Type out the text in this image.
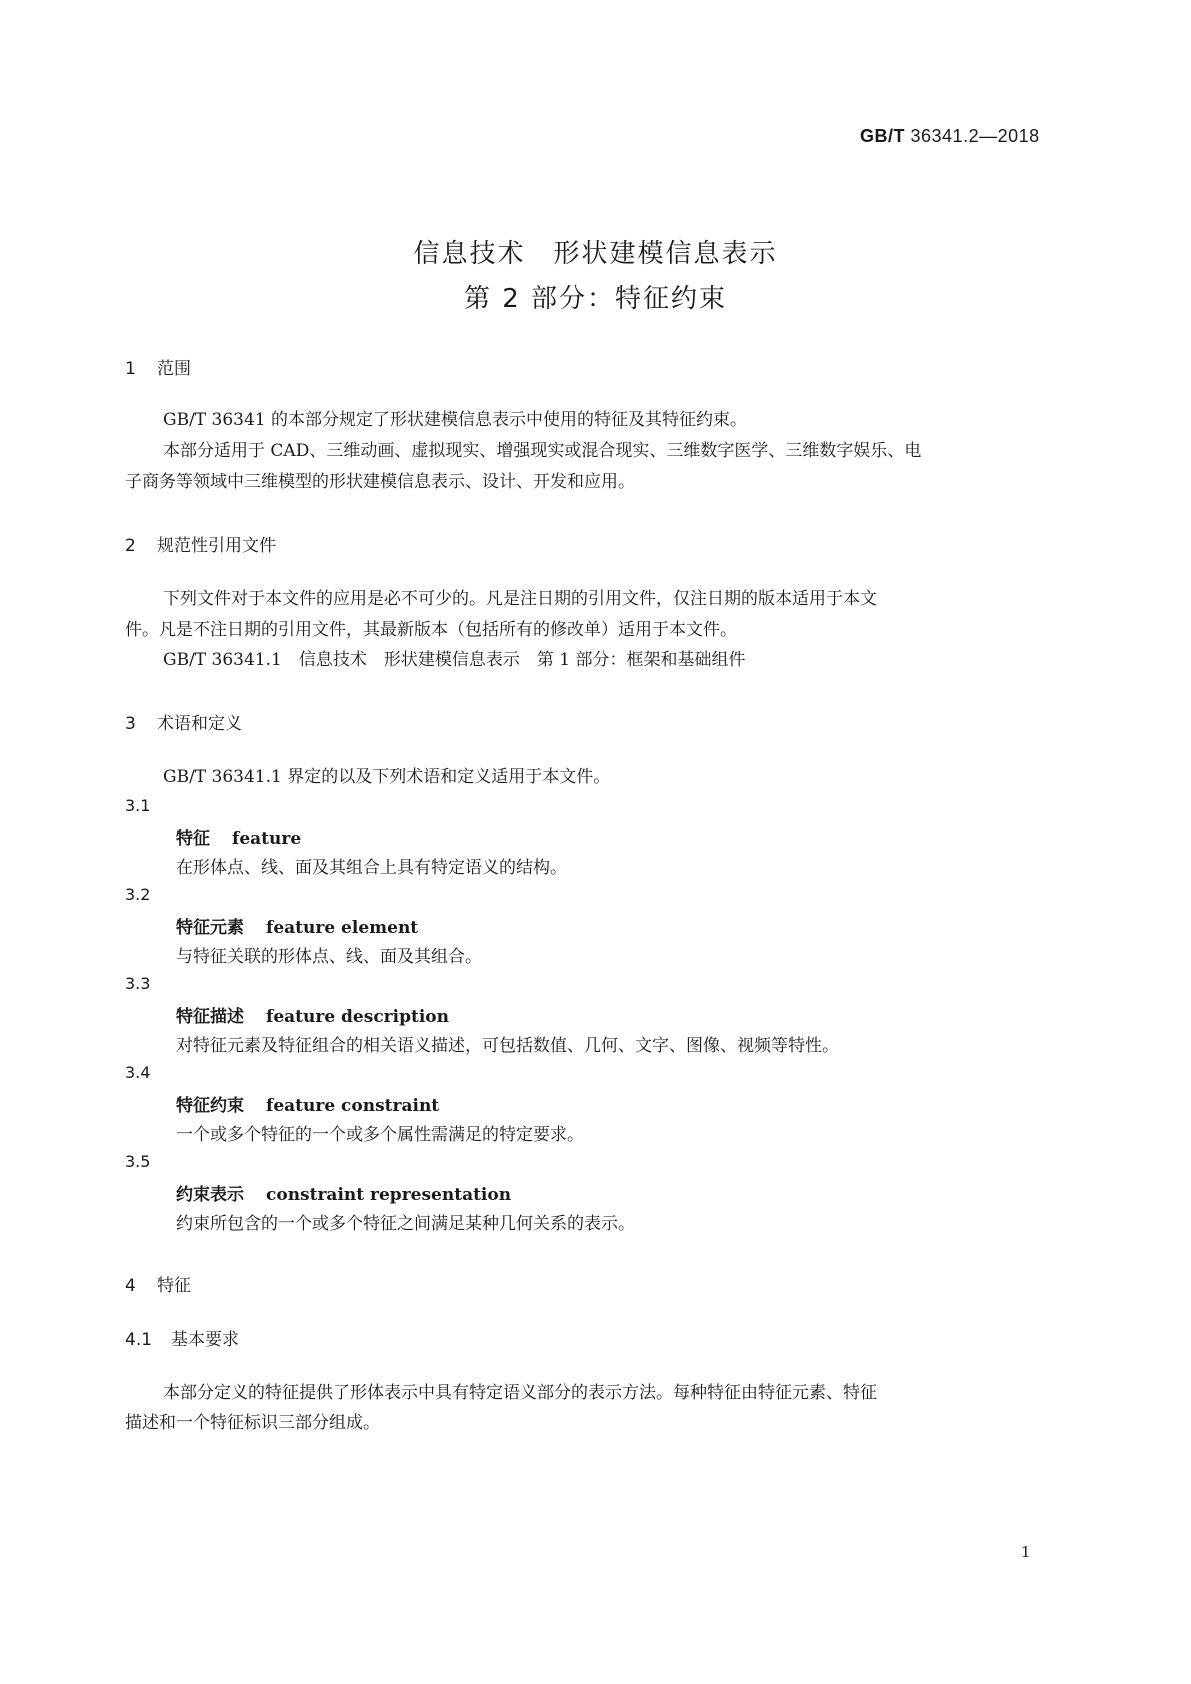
GB/T 36341.2—2018
信息技术　形状建模信息表示
第 2 部分：特征约束
1 范围
GB/T 36341 的本部分规定了形状建模信息表示中使用的特征及其特征约束。
本部分适用于 CAD、三维动画、虚拟现实、增强现实或混合现实、三维数字医学、三维数字娱乐、电
子商务等领域中三维模型的形状建模信息表示、设计、开发和应用。
2 规范性引用文件
下列文件对于本文件的应用是必不可少的。凡是注日期的引用文件，仅注日期的版本适用于本文
件。凡是不注日期的引用文件，其最新版本（包括所有的修改单）适用于本文件。
GB/T 36341.1　信息技术　形状建模信息表示　第 1 部分：框架和基础组件
3 术语和定义
GB/T 36341.1 界定的以及下列术语和定义适用于本文件。
3.1
特征 feature
在形体点、线、面及其组合上具有特定语义的结构。
3.2
特征元素 feature element
与特征关联的形体点、线、面及其组合。
3.3
特征描述 feature description
对特征元素及特征组合的相关语义描述，可包括数值、几何、文字、图像、视频等特性。
3.4
特征约束 feature constraint
一个或多个特征的一个或多个属性需满足的特定要求。
3.5
约束表示 constraint representation
约束所包含的一个或多个特征之间满足某种几何关系的表示。
4 特征
4.1 基本要求
本部分定义的特征提供了形体表示中具有特定语义部分的表示方法。每种特征由特征元素、特征
描述和一个特征标识三部分组成。
1
